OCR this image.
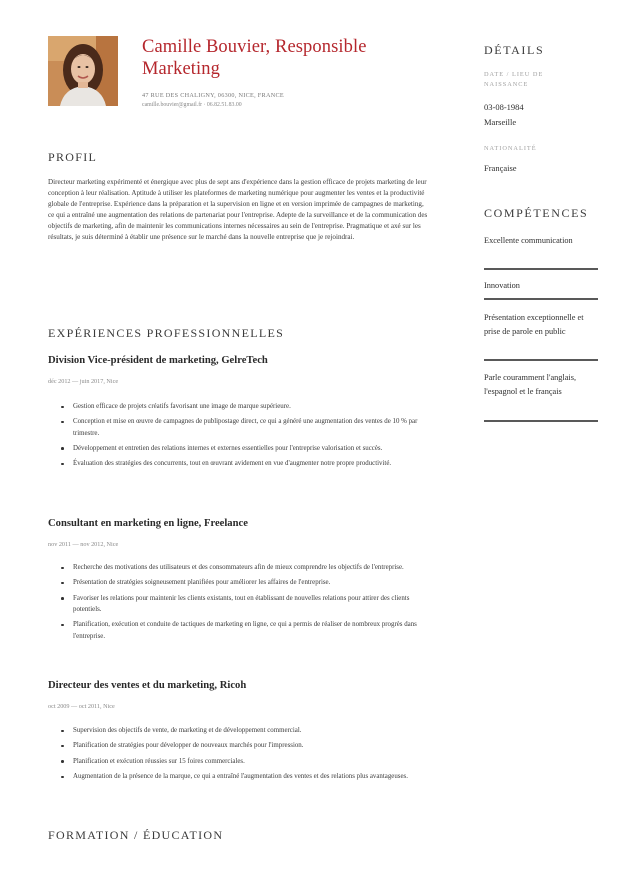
Camille Bouvier, Responsible Marketing
47 RUE DES CHALIGNY, 06300, NICE, FRANCE
camille.bouvier@gmail.fr · 06.82.51.83.00
PROFIL

Directeur marketing expérimenté et énergique avec plus de sept ans d'expérience dans la gestion efficace de projets marketing de leur conception à leur réalisation. Aptitude à utiliser les plateformes de marketing numérique pour augmenter les ventes et la productivité globale de l'entreprise. Expérience dans la préparation et la supervision en ligne et en version imprimée de campagnes de marketing, ce qui a entraîné une augmentation des relations de partenariat pour l'entreprise. Adepte de la surveillance et de la communication des objectifs de marketing, afin de maintenir les communications internes nécessaires au sein de l'entreprise. Pragmatique et axé sur les résultats, je suis déterminé à établir une présence sur le marché dans la nouvelle entreprise que je rejoindrai.

EXPÉRIENCES PROFESSIONNELLES
Division Vice-président de marketing, GelreTech
déc 2012 — juin 2017, Nice
Gestion efficace de projets créatifs favorisant une image de marque supérieure.
Conception et mise en œuvre de campagnes de publipostage direct, ce qui a généré une augmentation des ventes de 10 % par trimestre.
Développement et entretien des relations internes et externes essentielles pour l'entreprise valorisation et succès.
Évaluation des stratégies des concurrents, tout en œuvrant avidement en vue d'augmenter notre propre productivité.
Consultant en marketing en ligne, Freelance
nov 2011 — nov 2012, Nice
Recherche des motivations des utilisateurs et des consommateurs afin de mieux comprendre les objectifs de l'entreprise.
Présentation de stratégies soigneusement planifiées pour améliorer les affaires de l'entreprise.
Favoriser les relations pour maintenir les clients existants, tout en établissant de nouvelles relations pour attirer des clients potentiels.
Planification, exécution et conduite de tactiques de marketing en ligne, ce qui a permis de réaliser de nombreux progrès dans l'entreprise.
Directeur des ventes et du marketing, Ricoh
oct 2009 — oct 2011, Nice
Supervision des objectifs de vente, de marketing et de développement commercial.
Planification de stratégies pour développer de nouveaux marchés pour l'impression.
Planification et exécution réussies sur 15 foires commerciales.
Augmentation de la présence de la marque, ce qui a entraîné l'augmentation des ventes et des relations plus avantageuses.
FORMATION / ÉDUCATION
DÉTAILS
DATE / LIEU DE NAISSANCE
03-08-1984
Marseille
NATIONALITÉ
Française
COMPÉTENCES
Excellente communication
Innovation
Présentation exceptionnelle et prise de parole en public
Parle couramment l'anglais, l'espagnol et le français
